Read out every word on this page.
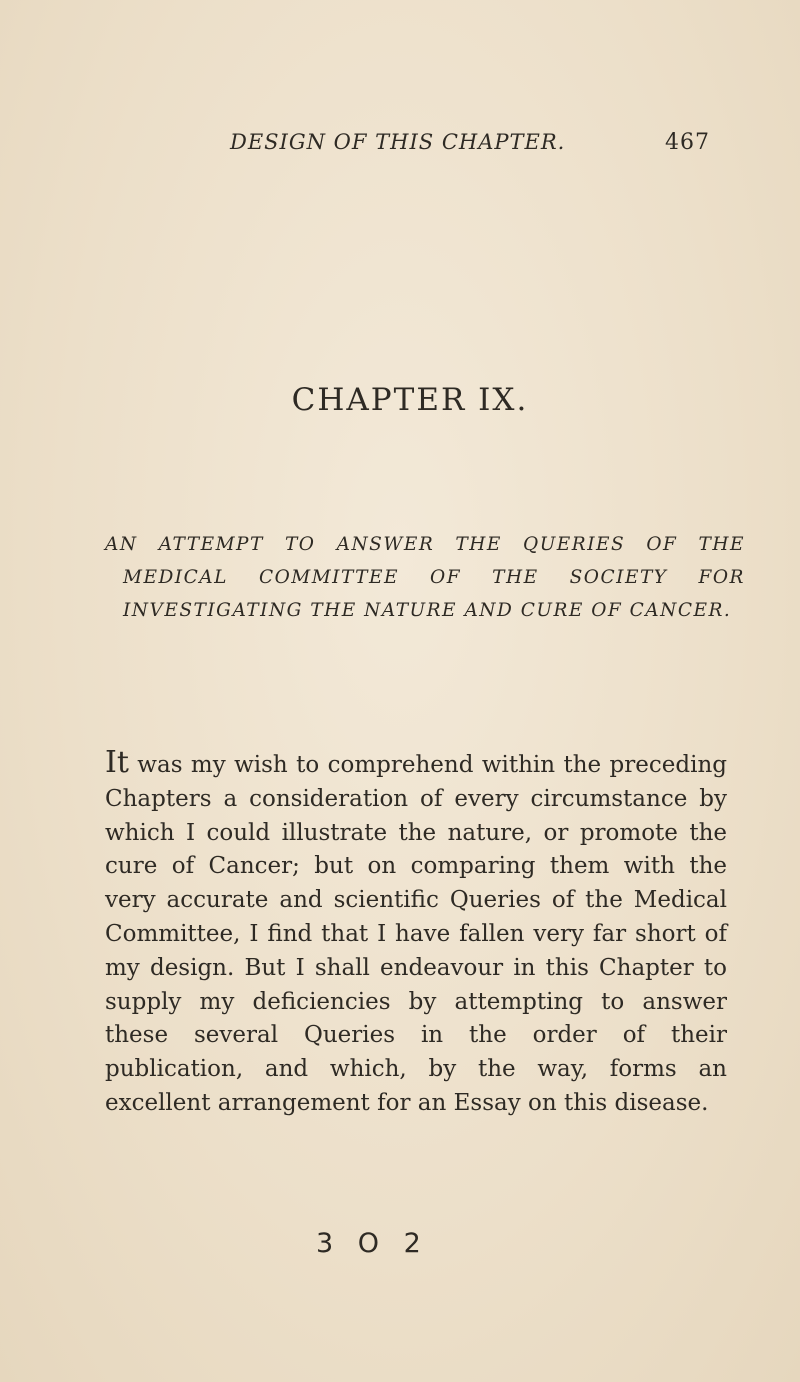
DESIGN OF THIS CHAPTER.	467
CHAPTER IX.

AN ATTEMPT TO ANSWER THE QUERIES OF THE MEDICAL COMMITTEE OF THE SOCIETY FOR INVESTIGATING THE NATURE AND CURE OF CANCER.

It was my wish to comprehend within the preceding Chapters a consideration of every circumstance by which I could illustrate the nature, or promote the cure of Cancer; but on comparing them with the very accurate and scientific Queries of the Medical Committee, I find that I have fallen very far short of my design. But I shall endeavour in this Chapter to supply my deficiencies by attempting to answer these several Queries in the order of their publication, and which, by the way, forms an excellent arrangement for an Essay on this disease.

3 O 2
